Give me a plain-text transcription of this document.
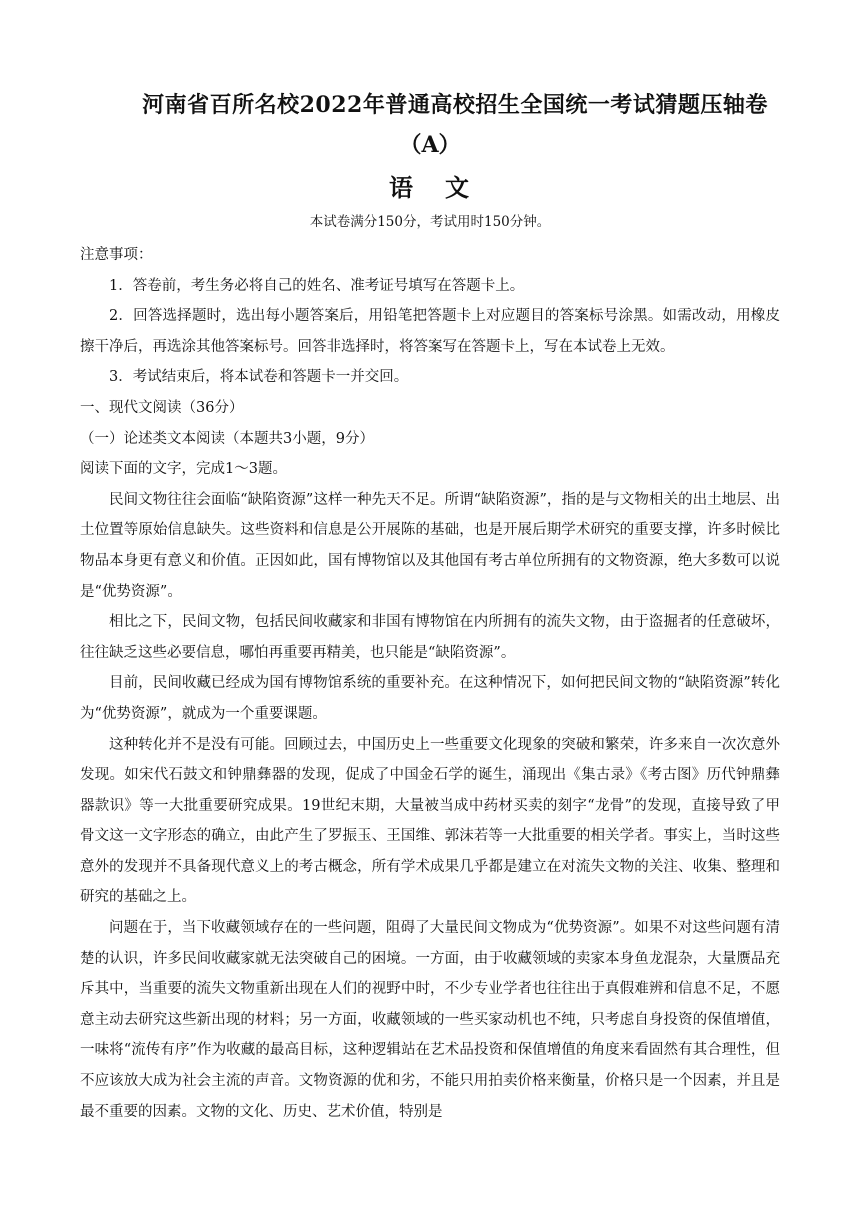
河南省百所名校2022年普通高校招生全国统一考试猜题压轴卷
（A）
语 文
本试卷满分150分，考试用时150分钟。

注意事项：

1．答卷前，考生务必将自己的姓名、准考证号填写在答题卡上。

2．回答选择题时，选出每小题答案后，用铅笔把答题卡上对应题目的答案标号涂黑。如需改动，用橡皮擦干净后，再选涂其他答案标号。回答非选择时，将答案写在答题卡上，写在本试卷上无效。

3．考试结束后，将本试卷和答题卡一并交回。

一、现代文阅读（36分）

（一）论述类文本阅读（本题共3小题，9分）

阅读下面的文字，完成1～3题。

民间文物往往会面临“缺陷资源”这样一种先天不足。所谓“缺陷资源”，指的是与文物相关的出土地层、出土位置等原始信息缺失。这些资料和信息是公开展陈的基础，也是开展后期学术研究的重要支撑，许多时候比物品本身更有意义和价值。正因如此，国有博物馆以及其他国有考古单位所拥有的文物资源，绝大多数可以说是“优势资源”。

相比之下，民间文物，包括民间收藏家和非国有博物馆在内所拥有的流失文物，由于盗掘者的任意破坏，往往缺乏这些必要信息，哪怕再重要再精美，也只能是“缺陷资源”。

目前，民间收藏已经成为国有博物馆系统的重要补充。在这种情况下，如何把民间文物的“缺陷资源”转化为“优势资源”，就成为一个重要课题。

这种转化并不是没有可能。回顾过去，中国历史上一些重要文化现象的突破和繁荣，许多来自一次次意外发现。如宋代石鼓文和钟鼎彝器的发现，促成了中国金石学的诞生，涌现出《集古录》《考古图》历代钟鼎彝器款识》等一大批重要研究成果。19世纪末期，大量被当成中药材买卖的刻字“龙骨”的发现，直接导致了甲骨文这一文字形态的确立，由此产生了罗振玉、王国维、郭沫若等一大批重要的相关学者。事实上，当时这些意外的发现并不具备现代意义上的考古概念，所有学术成果几乎都是建立在对流失文物的关注、收集、整理和研究的基础之上。

问题在于，当下收藏领域存在的一些问题，阻碍了大量民间文物成为“优势资源”。如果不对这些问题有清楚的认识，许多民间收藏家就无法突破自己的困境。一方面，由于收藏领域的卖家本身鱼龙混杂，大量赝品充斥其中，当重要的流失文物重新出现在人们的视野中时，不少专业学者也往往出于真假难辨和信息不足，不愿意主动去研究这些新出现的材料；另一方面，收藏领域的一些买家动机也不纯，只考虑自身投资的保值增值，一味将“流传有序”作为收藏的最高目标，这种逻辑站在艺术品投资和保值增值的角度来看固然有其合理性，但不应该放大成为社会主流的声音。文物资源的优和劣，不能只用拍卖价格来衡量，价格只是一个因素，并且是最不重要的因素。文物的文化、历史、艺术价值，特别是
